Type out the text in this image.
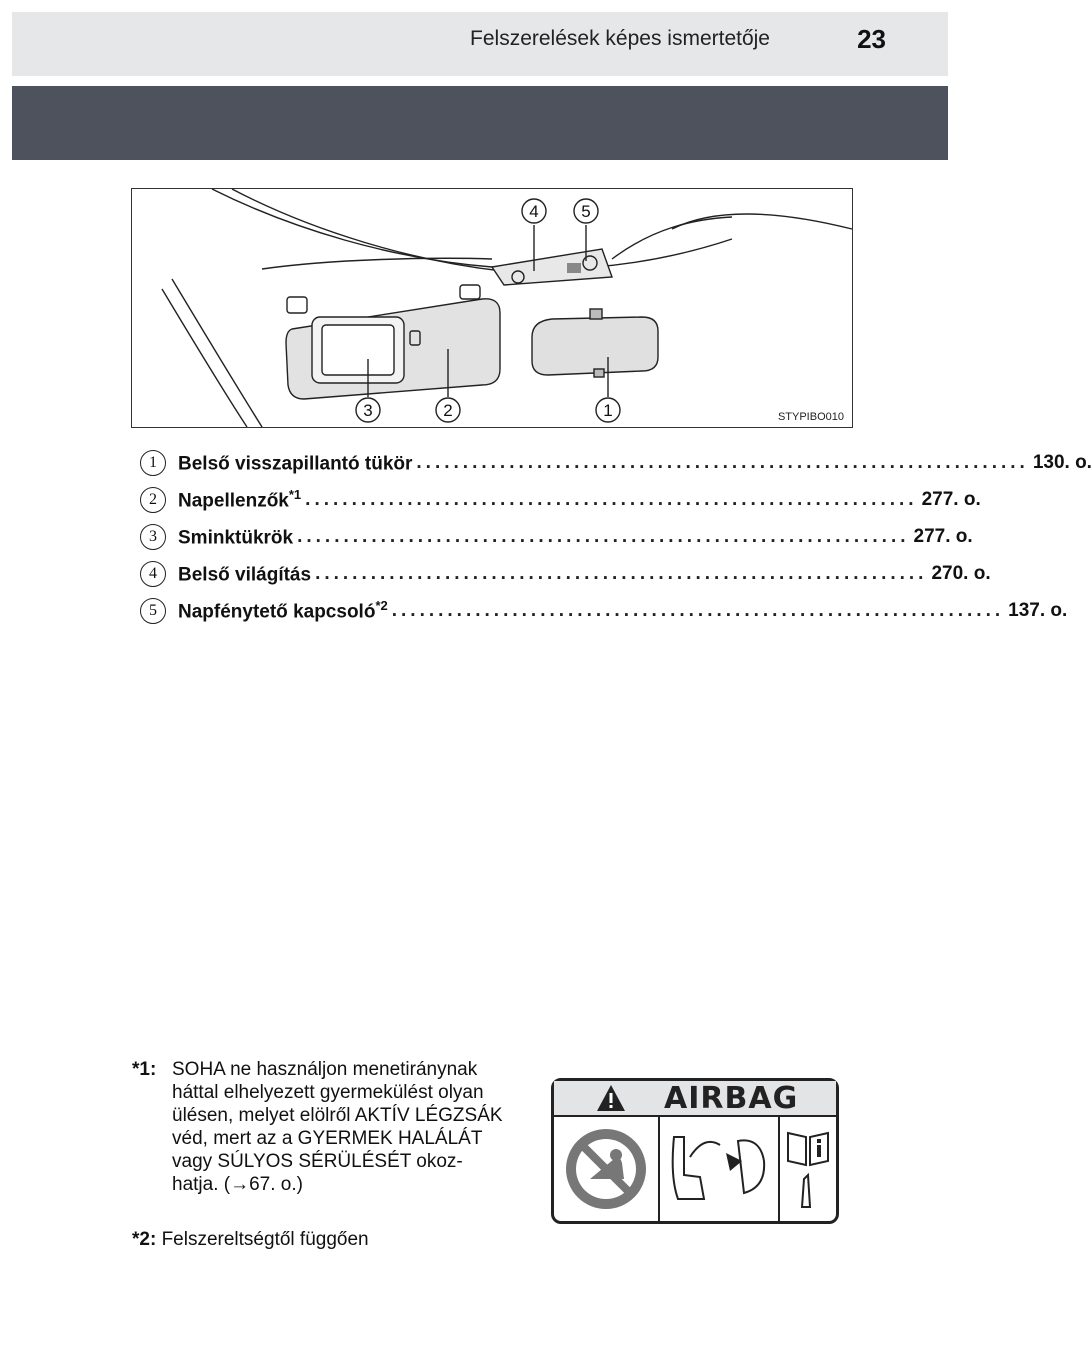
Felszerelések képes ismertetője	23
3	2	1
4	5
STYPIBO010
1	Belső visszapillantó tükör .................................................................. 130. o.
2	Napellenzők$^{*1}$ .................................................................. 277. o.
3	Sminktükrök .................................................................. 277. o.
4	Belső világítás .................................................................. 270. o.
5	Napfénytető kapcsoló$^{*2}$ .................................................................. 137. o.
*1: SOHA ne használjon menetiránynak
háttal elhelyezett gyermekülést olyan
ülésen, melyet elölről AKTÍV LÉGZSÁK
véd, mert az a GYERMEK HALÁLÁT
vagy SÚLYOS SÉRÜLÉSÉT okoz-
hatja. (→67. o.)
*2: Felszereltségtől függően
AIRBAG
